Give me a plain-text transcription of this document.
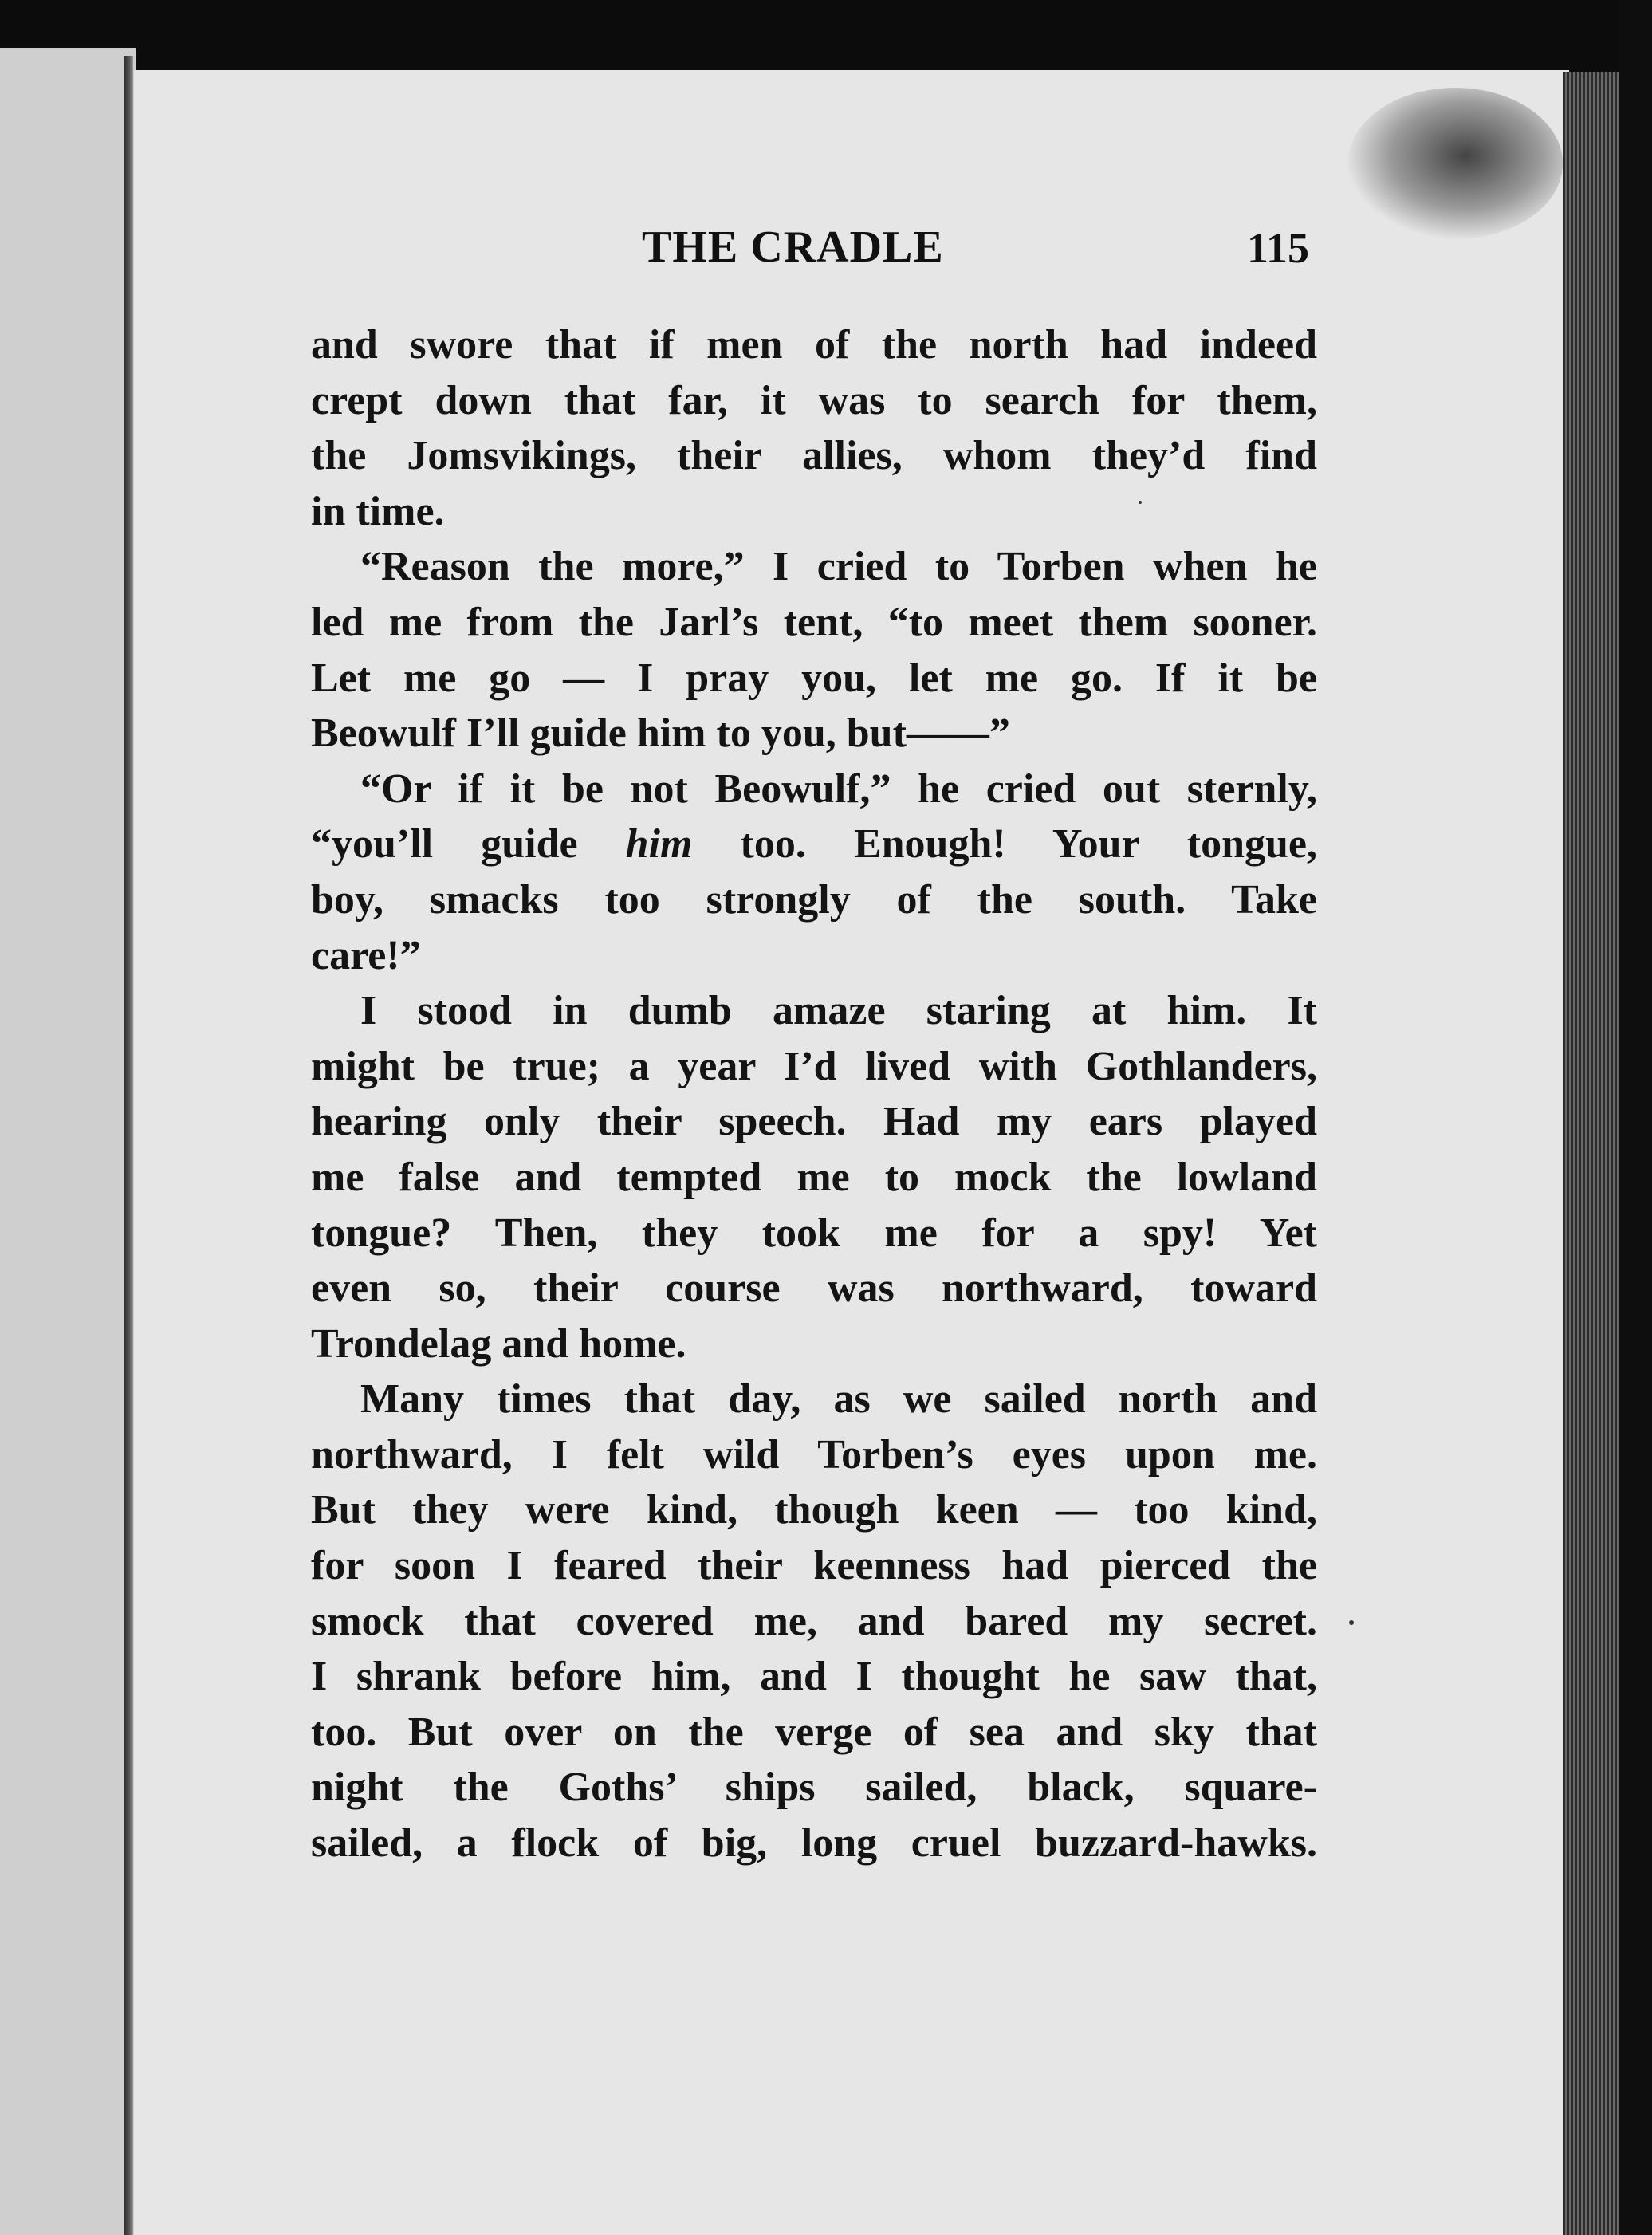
THE CRADLE	115
and swore that if men of the north had indeed
crept down that far, it was to search for them,
the Jomsvikings, their allies, whom they’d find
in time.
“Reason the more,” I cried to Torben when he
led me from the Jarl’s tent, “to meet them sooner.
Let me go — I pray you, let me go. If it be
Beowulf I’ll guide him to you, but——”
“Or if it be not Beowulf,” he cried out sternly,
“you’ll guide him too. Enough! Your tongue,
boy, smacks too strongly of the south. Take
care!”
I stood in dumb amaze staring at him. It
might be true; a year I’d lived with Gothlanders,
hearing only their speech. Had my ears played
me false and tempted me to mock the lowland
tongue? Then, they took me for a spy! Yet
even so, their course was northward, toward
Trondelag and home.
Many times that day, as we sailed north and
northward, I felt wild Torben’s eyes upon me.
But they were kind, though keen — too kind,
for soon I feared their keenness had pierced the
smock that covered me, and bared my secret.
I shrank before him, and I thought he saw that,
too. But over on the verge of sea and sky that
night the Goths’ ships sailed, black, square-
sailed, a flock of big, long cruel buzzard-hawks.
